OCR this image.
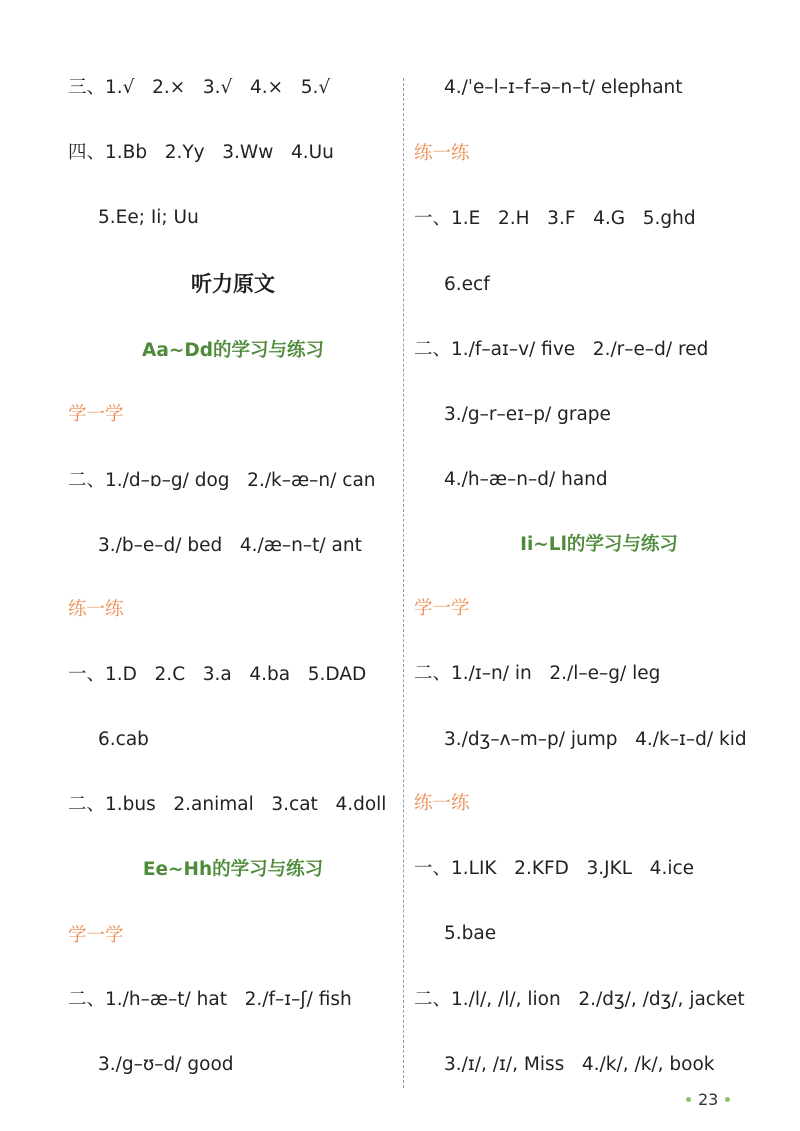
三、1.√   2.×   3.√   4.×   5.√
四、1.Bb   2.Yy   3.Ww   4.Uu
5.Ee; Ii; Uu
听力原文
Aa~Dd的学习与练习
学一学
二、1./d–ɒ–g/ dog   2./k–æ–n/ can
3./b–e–d/ bed   4./æ–n–t/ ant
练一练
一、1.D   2.C   3.a   4.ba   5.DAD
6.cab
二、1.bus   2.animal   3.cat   4.doll
Ee~Hh的学习与练习
学一学
二、1./h–æ–t/ hat   2./f–ɪ–ʃ/ fish
3./g–ʊ–d/ good
4./ˈe–l–ɪ–f–ə–n–t/ elephant
练一练
一、1.E   2.H   3.F   4.G   5.ghd
6.ecf
二、1./f–aɪ–v/ five   2./r–e–d/ red
3./g–r–eɪ–p/ grape
4./h–æ–n–d/ hand
Ii~Ll的学习与练习
学一学
二、1./ɪ–n/ in   2./l–e–g/ leg
3./dʒ–ʌ–m–p/ jump   4./k–ɪ–d/ kid
练一练
一、1.LIK   2.KFD   3.JKL   4.ice
5.bae
二、1./l/, /l/, lion   2./dʒ/, /dʒ/, jacket
3./ɪ/, /ɪ/, Miss   4./k/, /k/, book
23
